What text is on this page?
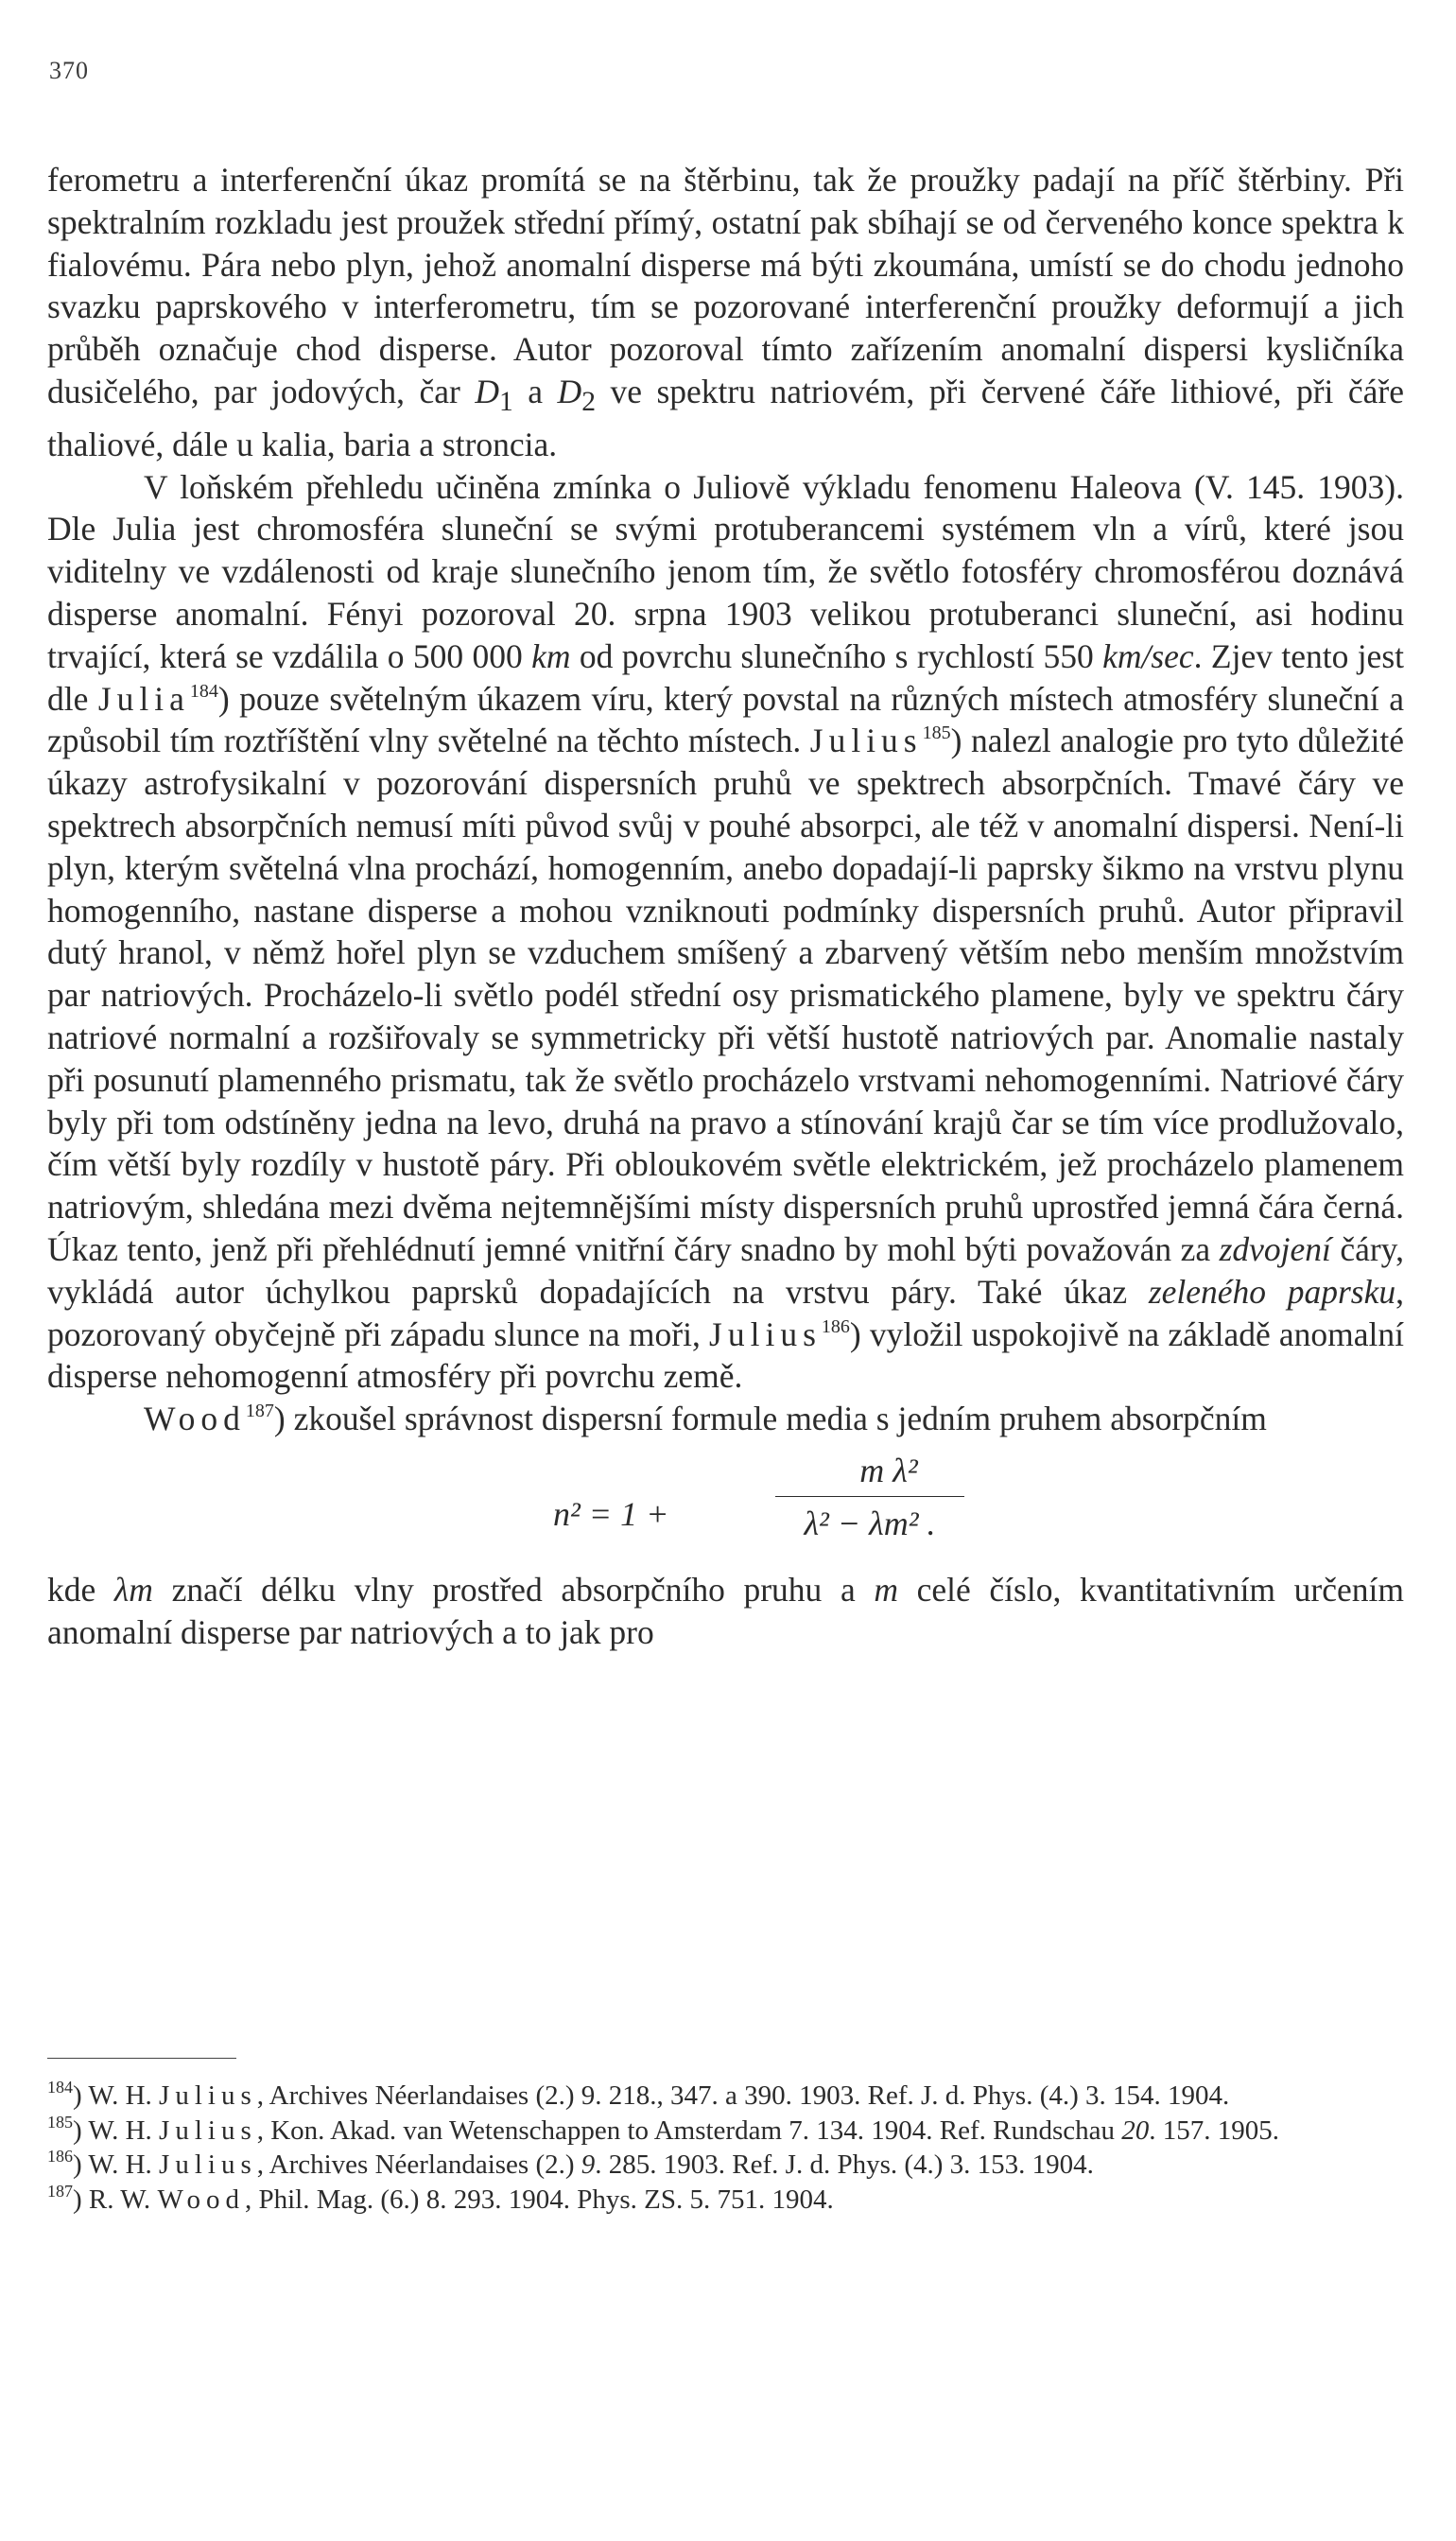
370

ferometru a interferenční úkaz promítá se na štěrbinu, tak že proužky padají na příč štěrbiny. Při spektralním rozkladu jest proužek střední přímý, ostatní pak sbíhají se od červeného konce spektra k fialovému. Pára nebo plyn, jehož anomalní disperse má býti zkoumána, umístí se do chodu jednoho svazku paprskového v interferometru, tím se pozorované interferenční proužky deformují a jich průběh označuje chod disperse. Autor pozoroval tímto zařízením anomalní dispersi kysličníka dusičelého, par jodových, čar $D_1$ a $D_2$ ve spektru natriovém, při červené čáře lithiové, při čáře thaliové, dále u kalia, baria a stroncia.

V loňském přehledu učiněna zmínka o Juliově výkladu fenomenu Haleova (V. 145. 1903). Dle Julia jest chromosféra sluneční se svými protuberancemi systémem vln a vírů, které jsou viditelny ve vzdálenosti od kraje slunečního jenom tím, že světlo fotosféry chromosférou doznává disperse anomalní. Fényi pozoroval 20. srpna 1903 velikou protuberanci sluneční, asi hodinu trvající, která se vzdálila o 500 000 km od povrchu slunečního s rychlostí 550 km/sec. Zjev tento jest dle Julia$^{184}$) pouze světelným úkazem víru, který povstal na různých místech atmosféry sluneční a způsobil tím roztříštění vlny světelné na těchto místech. Julius$^{185}$) nalezl analogie pro tyto důležité úkazy astrofysikalní v pozorování dispersních pruhů ve spektrech absorpčních. Tmavé čáry ve spektrech absorpčních nemusí míti původ svůj v pouhé absorpci, ale též v anomalní dispersi. Není-li plyn, kterým světelná vlna prochází, homogenním, anebo dopadají-li paprsky šikmo na vrstvu plynu homogenního, nastane disperse a mohou vzniknouti podmínky dispersních pruhů. Autor připravil dutý hranol, v němž hořel plyn se vzduchem smíšený a zbarvený větším nebo menším množstvím par natriových. Procházelo-li světlo podél střední osy prismatického plamene, byly ve spektru čáry natriové normalní a rozšiřovaly se symmetricky při větší hustotě natriových par. Anomalie nastaly při posunutí plamenného prismatu, tak že světlo procházelo vrstvami nehomogenními. Natriové čáry byly při tom odstíněny jedna na levo, druhá na pravo a stínování krajů čar se tím více prodlužovalo, čím větší byly rozdíly v hustotě páry. Při obloukovém světle elektrickém, jež procházelo plamenem natriovým, shledána mezi dvěma nejtemnějšími místy dispersních pruhů uprostřed jemná čára černá. Úkaz tento, jenž při přehlédnutí jemné vnitřní čáry snadno by mohl býti považován za zdvojení čáry, vykládá autor úchylkou paprsků dopadajících na vrstvu páry. Také úkaz zeleného paprsku, pozorovaný obyčejně při západu slunce na moři, Julius$^{186}$) vyložil uspokojivě na základě anomalní disperse nehomogenní atmosféry při povrchu země.

Wood$^{187}$) zkoušel správnost dispersní formule media s jedním pruhem absorpčním

n² = 1 +
m λ²
λ² − λm² .

kde λm značí délku vlny prostřed absorpčního pruhu a m celé číslo, kvantitativním určením anomalní disperse par natriových a to jak pro

$^{184}$) W. H. Julius, Archives Néerlandaises (2.) 9. 218., 347. a 390. 1903. Ref. J. d. Phys. (4.) 3. 154. 1904.

$^{185}$) W. H. Julius, Kon. Akad. van Wetenschappen to Amsterdam 7. 134. 1904. Ref. Rundschau 20. 157. 1905.

$^{186}$) W. H. Julius, Archives Néerlandaises (2.) 9. 285. 1903. Ref. J. d. Phys. (4.) 3. 153. 1904.

$^{187}$) R. W. Wood, Phil. Mag. (6.) 8. 293. 1904. Phys. ZS. 5. 751. 1904.
